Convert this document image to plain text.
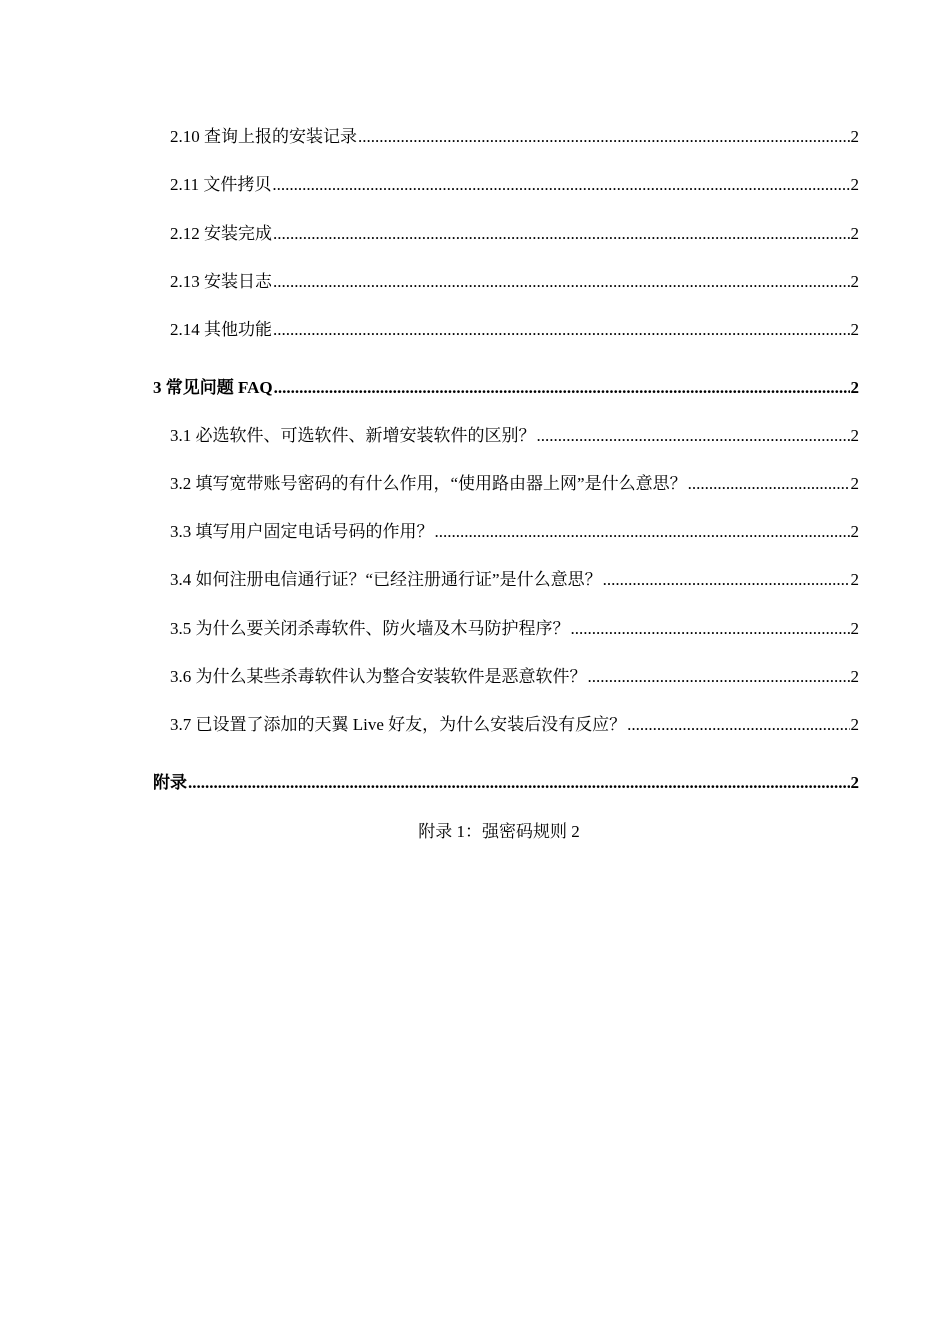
2.10 查询上报的安装记录 .....	2
2.11 文件拷贝 .....	2
2.12 安装完成 .....	2
2.13 安装日志 .....	2
2.14 其他功能 .....	2
3 常见问题 FAQ .....	2
3.1 必选软件、可选软件、新增安装软件的区别？ .....	2
3.2 填写宽带账号密码的有什么作用，“使用路由器上网”是什么意思？ .....	2
3.3 填写用户固定电话号码的作用？ .....	2
3.4 如何注册电信通行证？“已经注册通行证”是什么意思？ .....	2
3.5 为什么要关闭杀毒软件、防火墙及木马防护程序？ .....	2
3.6 为什么某些杀毒软件认为整合安装软件是恶意软件？ .....	2
3.7 已设置了添加的天翼 Live 好友，为什么安装后没有反应？ .....	2
附录 .....	2
附录 1：强密码规则 2
